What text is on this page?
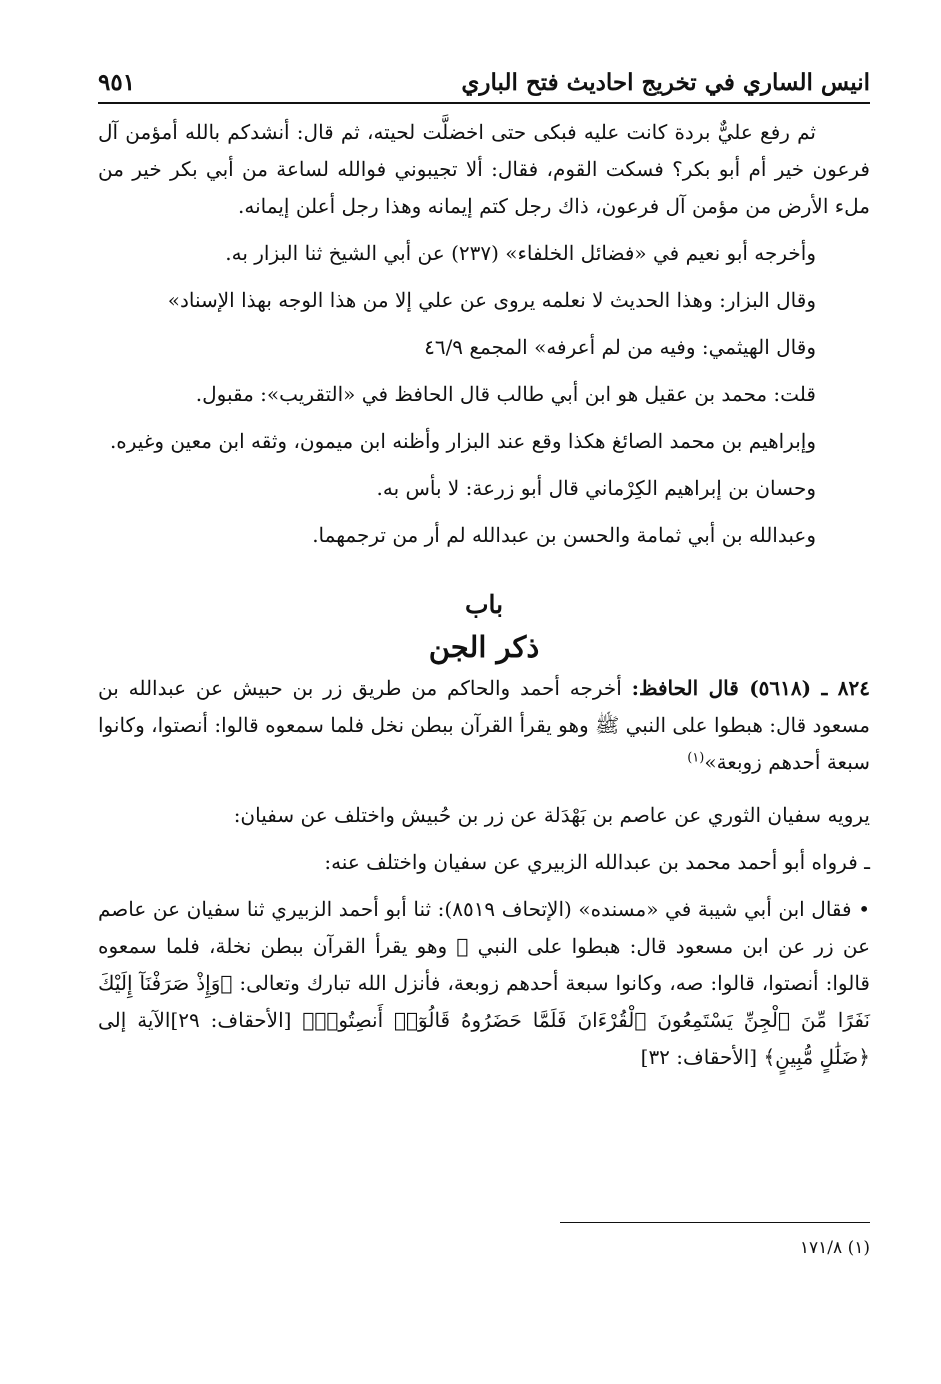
انيس الساري في تخريج احاديث فتح الباري
٩٥١

ثم رفع عليٌّ بردة كانت عليه فبكى حتى اخضلَّت لحيته، ثم قال: أنشدكم بالله أمؤمن آل فرعون خير أم أبو بكر؟ فسكت القوم، فقال: ألا تجيبوني فوالله لساعة من أبي بكر خير من ملء الأرض من مؤمن آل فرعون، ذاك رجل كتم إيمانه وهذا رجل أعلن إيمانه.

وأخرجه أبو نعيم في «فضائل الخلفاء» (٢٣٧) عن أبي الشيخ ثنا البزار به.

وقال البزار: وهذا الحديث لا نعلمه يروى عن علي إلا من هذا الوجه بهذا الإسناد»

وقال الهيثمي: وفيه من لم أعرفه» المجمع ٤٦/٩

قلت: محمد بن عقيل هو ابن أبي طالب قال الحافظ في «التقريب»: مقبول.

وإبراهيم بن محمد الصائغ هكذا وقع عند البزار وأظنه ابن ميمون، وثقه ابن معين وغيره.

وحسان بن إبراهيم الكِرْماني قال أبو زرعة: لا بأس به.

وعبدالله بن أبي ثمامة والحسن بن عبدالله لم أر من ترجمهما.

باب
ذكر الجن

٨٢٤ ـ (٥٦١٨) قال الحافظ: أخرجه أحمد والحاكم من طريق زر بن حبيش عن عبدالله بن مسعود قال: هبطوا على النبي ﷺ وهو يقرأ القرآن ببطن نخل فلما سمعوه قالوا: أنصتوا، وكانوا سبعة أحدهم زوبعة»$^{(١)}$

يرويه سفيان الثوري عن عاصم بن بَهْدَلة عن زر بن حُبيش واختلف عن سفيان:

ـ فرواه أبو أحمد محمد بن عبدالله الزبيري عن سفيان واختلف عنه:

• فقال ابن أبي شيبة في «مسنده» (الإتحاف ٨٥١٩): ثنا أبو أحمد الزبيري ثنا سفيان عن عاصم عن زر عن ابن مسعود قال: هبطوا على النبي ﷺ وهو يقرأ القرآن ببطن نخلة، فلما سمعوه قالوا: أنصتوا، قالوا: صه، وكانوا سبعة أحدهم زوبعة، فأنزل الله تبارك وتعالى: ﴿وَإِذْ صَرَفْنَآ إِلَيْكَ نَفَرًا مِّنَ ٱلْجِنِّ يَسْتَمِعُونَ ٱلْقُرْءَانَ فَلَمَّا حَضَرُوهُ قَالُوٓا۟ أَنصِتُوا۟﴾ [الأحقاف: ٢٩]الآية إلى ﴿ضَلَٰلٍ مُّبِينٍ﴾ [الأحقاف: ٣٢]

(١) ١٧١/٨
